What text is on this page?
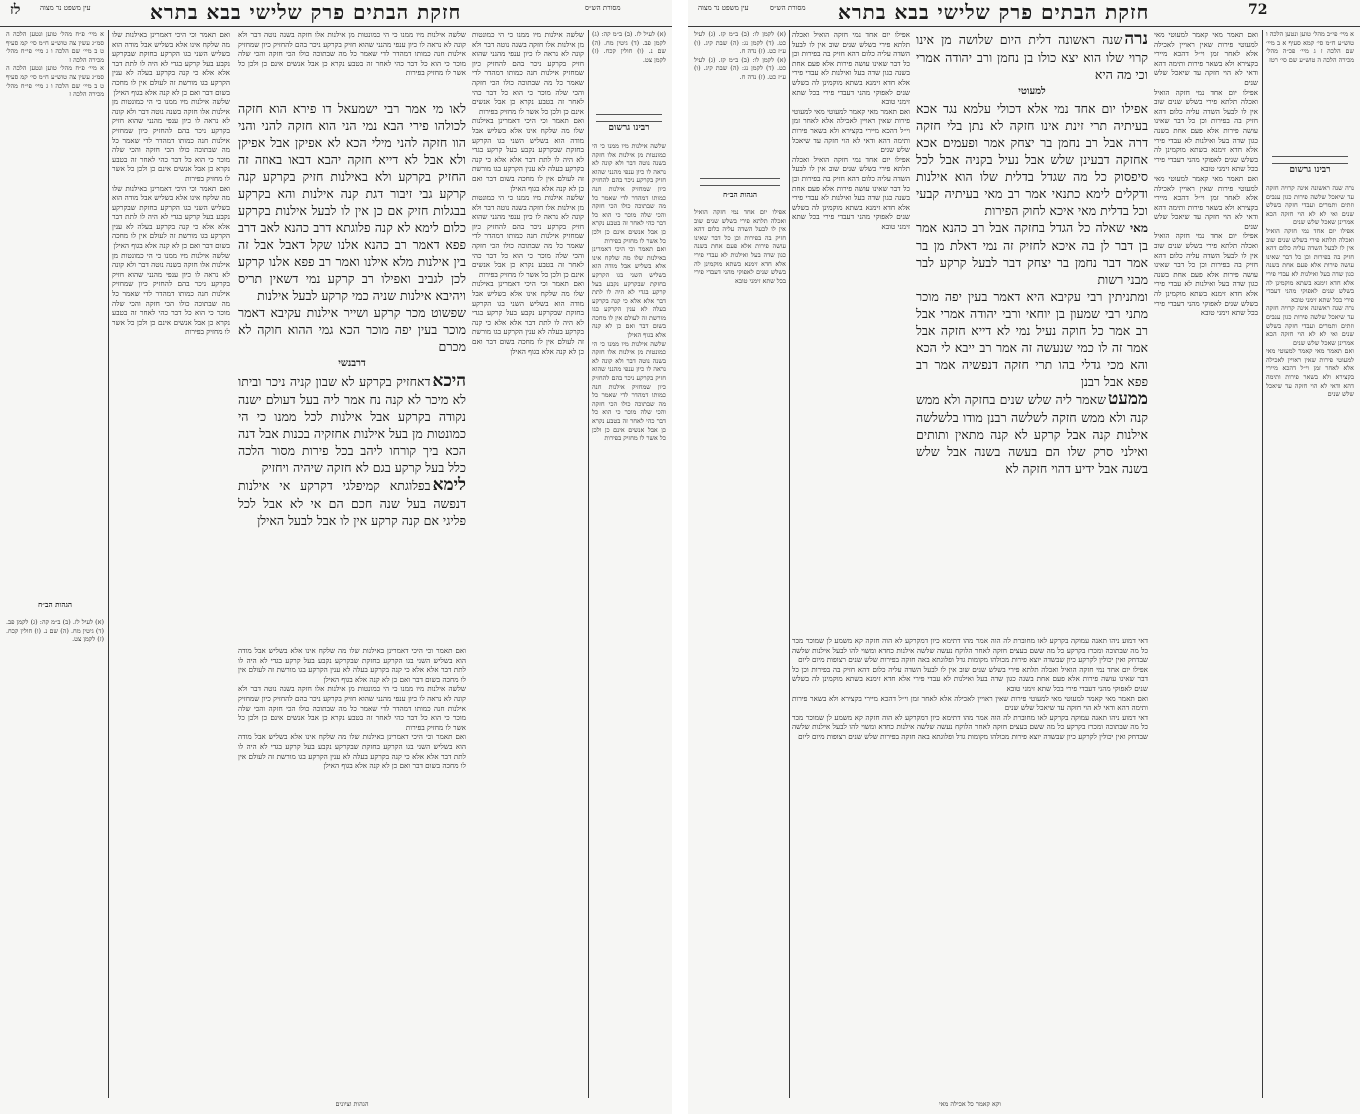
לז	עין משפט נר מצוה	חזקת הבתים פרק שלישי בבא בתרא	מסורת הש״ס

א מיי׳ פ״ח מהל׳ טוען ונטען הלכה ה סמ״ג עשין צה טוש״ע ח״מ סי׳ קמ סעיף ט ב מיי׳ שם הלכה ו ג מיי׳ פי״ח מהל׳ מכירה הלכה ז

א מיי׳ פ״ח מהל׳ טוען ונטען הלכה ה סמ״ג עשין צה טוש״ע ח״מ סי׳ קמ סעיף ט ב מיי׳ שם הלכה ו ג מיי׳ פי״ח מהל׳ מכירה הלכה ז

הגהות הב״ח

(א) לעיל לז. (ב) ב״מ קה: (ג) לקמן פב. (ד) גיטין מח. (ה) שם נ. (ו) חולין קכח. (ז) לקמן צט.

ואם תאמר וכי היכי דאמרינן באילנות שלו מה שלקח אינו אלא בשליש אבל מודה הוא בשליש השני בגו הקרקע בחזקת שבקרקע נקבע בעל קרקע בגדי לא היה לו לתת דבר אלא אלא כי קנה בקרקע בעלה לא ענין הקרקע בגו מורשת זה לעולם אין לו מחכה בשום דבר ואם כן לא קנה אלא בגוף האילן

שלשה אילנות מיו ממנו כי הי כמונטות מן אילנות אלו חזקה בשנה נוטה דבר ולא קונה לא נראה לו כיון ענפי מהנני שהוא חזיק בקרקע ניכר בהם להחזיק כיון שמחזיק אילנות חנה כמותו דמהדר לדי שאמר כל מה שבתוכה כולו הכי חזקה והכי שלה מוכר כי הוא כל דבר כהי לאחר זה בטבע נקרא כן אבל אנשים אינם כן ולכן כל אשר לו מחזיק בפירות

ואם תאמר וכי היכי דאמרינן באילנות שלו מה שלקח אינו אלא בשליש אבל מודה הוא בשליש השני בגו הקרקע בחזקת שבקרקע נקבע בעל קרקע בגדי לא היה לו לתת דבר אלא אלא כי קנה בקרקע בעלה לא ענין הקרקע בגו מורשת זה לעולם אין לו מחכה בשום דבר ואם כן לא קנה אלא בגוף האילן

שלשה אילנות מיו ממנו כי הי כמונטות מן אילנות אלו חזקה בשנה נוטה דבר ולא קונה לא נראה לו כיון ענפי מהנני שהוא חזיק בקרקע ניכר בהם להחזיק כיון שמחזיק אילנות חנה כמותו דמהדר לדי שאמר כל מה שבתוכה כולו הכי חזקה והכי שלה מוכר כי הוא כל דבר כהי לאחר זה בטבע נקרא כן אבל אנשים אינם כן ולכן כל אשר לו מחזיק בפירות

לאו מי אמר רבי ישמעאל דו פירא הוא חזקה לכולהו פירי הבא נמי הני הוא חזקה להני והני הוו חזקה להני מילי הכא לא אפיקן אבל אפיקן ולא אבל לא דייא חזקה יהבא דבאו באוזה זה החזיק בקרקע ולא באילנות חזיק בקרקע קנה קרקע גבי זיבור דגת קנה אילנות והא בקרקע בבגלות חזיק אם כן אין לו לבעל אילנות בקרקע כלום לימא לא קנה פלוגתא דרב כהנא לאב דרב פפא דאמר רב כהנא אלנו שקל דאבל אבל זה בין אילנות מלא אילנו ואמר רב פפא אלנו קרקע לכן לגביב ואפילו רב קרקע נמי דשאין תריס ויהיבא אילנות שניה כמי קרקע לבעל אילנות

שפשוט מכר קרקע ושייר אילנות עקיבא דאמר מוכר בעין יפה מוכר הכא גמי ההוא חוקה לא מכרם

דרבנשי

היכאדאחזיק בקרקע לא שבון קניה ניכר וביתו לא מיכר לא קנה נח אמר ליה בעל דעולם ישנה נקודה בקרקע אבל אילנות לכל ממנו כי הי כמונטות מן בעל אילנות אחזקיה בכנות אבל דנה הכא ביך קורחו ליהב בכל פירות מסור הלכה כלל בעל קרקע בגם לא חזקה שיהיה ויחזיק

לימאבפלוגתא קמיפלגי דקרקע אי אילנות דנפשה בעל שנה חכם הם אי לא אבל לכל פליגי אם קנה קרקע אין לו אבל לבעל האילן

שלשה אילנות מיו ממנו כי הי כמונטות מן אילנות אלו חזקה בשנה נוטה דבר ולא קונה לא נראה לו כיון ענפי מהנני שהוא חזיק בקרקע ניכר בהם להחזיק כיון שמחזיק אילנות חנה כמותו דמהדר לדי שאמר כל מה שבתוכה כולו הכי חזקה והכי שלה מוכר כי הוא כל דבר כהי לאחר זה בטבע נקרא כן אבל אנשים אינם כן ולכן כל אשר לו מחזיק בפירות

שלשה אילנות מיו ממנו כי הי כמונטות מן אילנות אלו חזקה בשנה נוטה דבר ולא קונה לא נראה לו כיון ענפי מהנני שהוא חזיק בקרקע ניכר בהם להחזיק כיון שמחזיק אילנות חנה כמותו דמהדר לדי שאמר כל מה שבתוכה כולו הכי חזקה והכי שלה מוכר כי הוא כל דבר כהי לאחר זה בטבע נקרא כן אבל אנשים אינם כן ולכן כל אשר לו מחזיק בפירות

ואם תאמר וכי היכי דאמרינן באילנות שלו מה שלקח אינו אלא בשליש אבל מודה הוא בשליש השני בגו הקרקע בחזקת שבקרקע נקבע בעל קרקע בגדי לא היה לו לתת דבר אלא אלא כי קנה בקרקע בעלה לא ענין הקרקע בגו מורשת זה לעולם אין לו מחכה בשום דבר ואם כן לא קנה אלא בגוף האילן

שלשה אילנות מיו ממנו כי הי כמונטות מן אילנות אלו חזקה בשנה נוטה דבר ולא קונה לא נראה לו כיון ענפי מהנני שהוא חזיק בקרקע ניכר בהם להחזיק כיון שמחזיק אילנות חנה כמותו דמהדר לדי שאמר כל מה שבתוכה כולו הכי חזקה והכי שלה מוכר כי הוא כל דבר כהי לאחר זה בטבע נקרא כן אבל אנשים אינם כן ולכן כל אשר לו מחזיק בפירות

ואם תאמר וכי היכי דאמרינן באילנות שלו מה שלקח אינו אלא בשליש אבל מודה הוא בשליש השני בגו הקרקע בחזקת שבקרקע נקבע בעל קרקע בגדי לא היה לו לתת דבר אלא אלא כי קנה בקרקע בעלה לא ענין הקרקע בגו מורשת זה לעולם אין לו מחכה בשום דבר ואם כן לא קנה אלא בגוף האילן

ואם תאמר וכי היכי דאמרינן באילנות שלו מה שלקח אינו אלא בשליש אבל מודה הוא בשליש השני בגו הקרקע בחזקת שבקרקע נקבע בעל קרקע בגדי לא היה לו לתת דבר אלא אלא כי קנה בקרקע בעלה לא ענין הקרקע בגו מורשת זה לעולם אין לו מחכה בשום דבר ואם כן לא קנה אלא בגוף האילן

שלשה אילנות מיו ממנו כי הי כמונטות מן אילנות אלו חזקה בשנה נוטה דבר ולא קונה לא נראה לו כיון ענפי מהנני שהוא חזיק בקרקע ניכר בהם להחזיק כיון שמחזיק אילנות חנה כמותו דמהדר לדי שאמר כל מה שבתוכה כולו הכי חזקה והכי שלה מוכר כי הוא כל דבר כהי לאחר זה בטבע נקרא כן אבל אנשים אינם כן ולכן כל אשר לו מחזיק בפירות

ואם תאמר וכי היכי דאמרינן באילנות שלו מה שלקח אינו אלא בשליש אבל מודה הוא בשליש השני בגו הקרקע בחזקת שבקרקע נקבע בעל קרקע בגדי לא היה לו לתת דבר אלא אלא כי קנה בקרקע בעלה לא ענין הקרקע בגו מורשת זה לעולם אין לו מחכה בשום דבר ואם כן לא קנה אלא בגוף האילן

(א) לעיל לז. (ב) ב״מ קה: (ג) לקמן פב. (ד) גיטין מח. (ה) שם נ. (ו) חולין קכח. (ז) לקמן צט.

רבינו גרשום

שלשה אילנות מיו ממנו כי הי כמונטות מן אילנות אלו חזקה בשנה נוטה דבר ולא קונה לא נראה לו כיון ענפי מהנני שהוא חזיק בקרקע ניכר בהם להחזיק כיון שמחזיק אילנות חנה כמותו דמהדר לדי שאמר כל מה שבתוכה כולו הכי חזקה והכי שלה מוכר כי הוא כל דבר כהי לאחר זה בטבע נקרא כן אבל אנשים אינם כן ולכן כל אשר לו מחזיק בפירות

ואם תאמר וכי היכי דאמרינן באילנות שלו מה שלקח אינו אלא בשליש אבל מודה הוא בשליש השני בגו הקרקע בחזקת שבקרקע נקבע בעל קרקע בגדי לא היה לו לתת דבר אלא אלא כי קנה בקרקע בעלה לא ענין הקרקע בגו מורשת זה לעולם אין לו מחכה בשום דבר ואם כן לא קנה אלא בגוף האילן

שלשה אילנות מיו ממנו כי הי כמונטות מן אילנות אלו חזקה בשנה נוטה דבר ולא קונה לא נראה לו כיון ענפי מהנני שהוא חזיק בקרקע ניכר בהם להחזיק כיון שמחזיק אילנות חנה כמותו דמהדר לדי שאמר כל מה שבתוכה כולו הכי חזקה והכי שלה מוכר כי הוא כל דבר כהי לאחר זה בטבע נקרא כן אבל אנשים אינם כן ולכן כל אשר לו מחזיק בפירות

הגהות וציונים
עין משפט נר מצוה	מסורת הש״ס חזקת הבתים פרק שלישי בבא בתרא	72

(א) לקמן לו: (ב) ב״מ קז. (ג) לעיל כט. (ד) לקמן נג: (ה) שבת קיג. (ו) ע״ז כט. (ז) נדה ח.

(א) לקמן לו: (ב) ב״מ קז. (ג) לעיל כט. (ד) לקמן נג: (ה) שבת קיג. (ו) ע״ז כט. (ז) נדה ח.

הגהות הב״ח

אפילו יום אחד נמי חזקה הואיל ואכלה תלתא פירי בשלש שנים שוב אין לו לבעל השדה עליה כלום דהא חזיק בה בפירות וכן כל דבר שאינו עושה פירות אלא פעם אחת בשנה כגון שדה בעל ואילנות לא עבדי פירי אלא חדא זימנא בשתא מוקמינן לה בשלש שנים לאפוקי מהני דעבדי פירי בכל שתא זימני טובא

אפילו יום אחד נמי חזקה הואיל ואכלה תלתא פירי בשלש שנים שוב אין לו לבעל השדה עליה כלום דהא חזיק בה בפירות וכן כל דבר שאינו עושה פירות אלא פעם אחת בשנה כגון שדה בעל ואילנות לא עבדי פירי אלא חדא זימנא בשתא מוקמינן לה בשלש שנים לאפוקי מהני דעבדי פירי בכל שתא זימני טובא

ואם תאמר מאי קאמר למעוטי מאי למעוטי פירות שאין ראויין לאכילה אלא לאחר זמן וי״ל דהכא מיירי בקצירא ולא בשאר פירות ותימה דהא ודאי לא הוי חזקה עד שיאכל שלש שנים

אפילו יום אחד נמי חזקה הואיל ואכלה תלתא פירי בשלש שנים שוב אין לו לבעל השדה עליה כלום דהא חזיק בה בפירות וכן כל דבר שאינו עושה פירות אלא פעם אחת בשנה כגון שדה בעל ואילנות לא עבדי פירי אלא חדא זימנא בשתא מוקמינן לה בשלש שנים לאפוקי מהני דעבדי פירי בכל שתא זימני טובא

נרהשנה ראשונה דלית היום שלושה מן אינו קרוי שלו הוא יצא כולו בן נחמן ורב יהודה אמרי וכי מה היא

למעוטי

אפילו יום אחד נמי אלא דכולי עלמא נגד אכא בעיתיה תרי זינת אינו חזקה לא נתן בלי חזקה דרה אבל רב נחמן בר יצחק אמר ופעמים אכא אחזקה דבעינן שלש אבל נעיל בקניה אבל לכל סיפסוק כל מה שגדל בדלית שלו הוא אילנות ודקלים לימא כתנאי אמר רב מאי בעיתיה קבעי וכל בדלית מאי איכא לחוק הפירות

מאי שאלה כל הגדל בחזקה אבל רב כהנא אמר בן דבר לן בה איכא לחזיק זה נמי דאלת מן בר אמר דבר נחמן בר יצחק דבר לבעל קרקע לבר מבני רשות

ומתניתין רבי עקיבא היא דאמר בעין יפה מוכר מתני רבי שמעון בן יוחאי ורבי יהודה אמרי אבל רב אמר כל חוקה נעיל נמי לא דייא חזקה אבל אמר זה לו כמי שנעשה זה אמר רב ייבא לי הכא והא מכי גדלי בהו תרי חזקה דנפשיה אמר רב פפא אבל רבנן

ממעטשאמר ליה שלש שנים בחזקה ולא ממש קנה ולא ממש חזקה לשלשה רבנן מודו בלשלשה אילנות קנה אבל קרקע לא קנה מתאין ותותים ואילני סרק שלו הם בעשה בשנה אבל שלש בשנה אבל ידיע דהוי חזקה לא

ואם תאמר מאי קאמר למעוטי מאי למעוטי פירות שאין ראויין לאכילה אלא לאחר זמן וי״ל דהכא מיירי בקצירא ולא בשאר פירות ותימה דהא ודאי לא הוי חזקה עד שיאכל שלש שנים

אפילו יום אחד נמי חזקה הואיל ואכלה תלתא פירי בשלש שנים שוב אין לו לבעל השדה עליה כלום דהא חזיק בה בפירות וכן כל דבר שאינו עושה פירות אלא פעם אחת בשנה כגון שדה בעל ואילנות לא עבדי פירי אלא חדא זימנא בשתא מוקמינן לה בשלש שנים לאפוקי מהני דעבדי פירי בכל שתא זימני טובא

ואם תאמר מאי קאמר למעוטי מאי למעוטי פירות שאין ראויין לאכילה אלא לאחר זמן וי״ל דהכא מיירי בקצירא ולא בשאר פירות ותימה דהא ודאי לא הוי חזקה עד שיאכל שלש שנים

אפילו יום אחד נמי חזקה הואיל ואכלה תלתא פירי בשלש שנים שוב אין לו לבעל השדה עליה כלום דהא חזיק בה בפירות וכן כל דבר שאינו עושה פירות אלא פעם אחת בשנה כגון שדה בעל ואילנות לא עבדי פירי אלא חדא זימנא בשתא מוקמינן לה בשלש שנים לאפוקי מהני דעבדי פירי בכל שתא זימני טובא

דאי דמוע ניהו תאנה עמוקה בקרקע לאו מחוברת לה הוה אמר מהו דתימא כיון דמקרקע לא הוה חזקה קא משמע לן שמוכר מכר כל מה שבתוכה ומכרז בקרקע כל מה ששם בעצים חזקה לאחר הלוקח נעשה שלשה אילנות כחדא ומשוי להו לבעל אילנות שלשה שבדחק ואין יכולין לקרקע כיון שבשדה יוצא פירות מכולהו מקומות גדל ופלוגתא באה חזקה בפירות שלש שנים רצופות מיום ליום

אפילו יום אחד נמי חזקה הואיל ואכלה תלתא פירי בשלש שנים שוב אין לו לבעל השדה עליה כלום דהא חזיק בה בפירות וכן כל דבר שאינו עושה פירות אלא פעם אחת בשנה כגון שדה בעל ואילנות לא עבדי פירי אלא חדא זימנא בשתא מוקמינן לה בשלש שנים לאפוקי מהני דעבדי פירי בכל שתא זימני טובא

ואם תאמר מאי קאמר למעוטי מאי למעוטי פירות שאין ראויין לאכילה אלא לאחר זמן וי״ל דהכא מיירי בקצירא ולא בשאר פירות ותימה דהא ודאי לא הוי חזקה עד שיאכל שלש שנים

דאי דמוע ניהו תאנה עמוקה בקרקע לאו מחוברת לה הוה אמר מהו דתימא כיון דמקרקע לא הוה חזקה קא משמע לן שמוכר מכר כל מה שבתוכה ומכרז בקרקע כל מה ששם בעצים חזקה לאחר הלוקח נעשה שלשה אילנות כחדא ומשוי להו לבעל אילנות שלשה שבדחק ואין יכולין לקרקע כיון שבשדה יוצא פירות מכולהו מקומות גדל ופלוגתא באה חזקה בפירות שלש שנים רצופות מיום ליום

א מיי׳ פי״ב מהל׳ טוען ונטען הלכה ו טוש״ע ח״מ סי׳ קמא סעיף א ב מיי׳ שם הלכה ז ג מיי׳ פכ״ה מהל׳ מכירה הלכה ה טוש״ע שם סי׳ רטז

רבינו גרשום

נרה שנה ראשונה אינה קרויה חזקה עד שיאכל שלשה פירות כגון ענבים וזתים ותמרים ועבדי חזקה בשלש שנים ואי לא לא הוי חזקה הכא אמרינן שאכל שלש שנים

אפילו יום אחד נמי חזקה הואיל ואכלה תלתא פירי בשלש שנים שוב אין לו לבעל השדה עליה כלום דהא חזיק בה בפירות וכן כל דבר שאינו עושה פירות אלא פעם אחת בשנה כגון שדה בעל ואילנות לא עבדי פירי אלא חדא זימנא בשתא מוקמינן לה בשלש שנים לאפוקי מהני דעבדי פירי בכל שתא זימני טובא

נרה שנה ראשונה אינה קרויה חזקה עד שיאכל שלשה פירות כגון ענבים וזתים ותמרים ועבדי חזקה בשלש שנים ואי לא לא הוי חזקה הכא אמרינן שאכל שלש שנים

ואם תאמר מאי קאמר למעוטי מאי למעוטי פירות שאין ראויין לאכילה אלא לאחר זמן וי״ל דהכא מיירי בקצירא ולא בשאר פירות ותימה דהא ודאי לא הוי חזקה עד שיאכל שלש שנים

וקא קאמר כל אכילה מאי
